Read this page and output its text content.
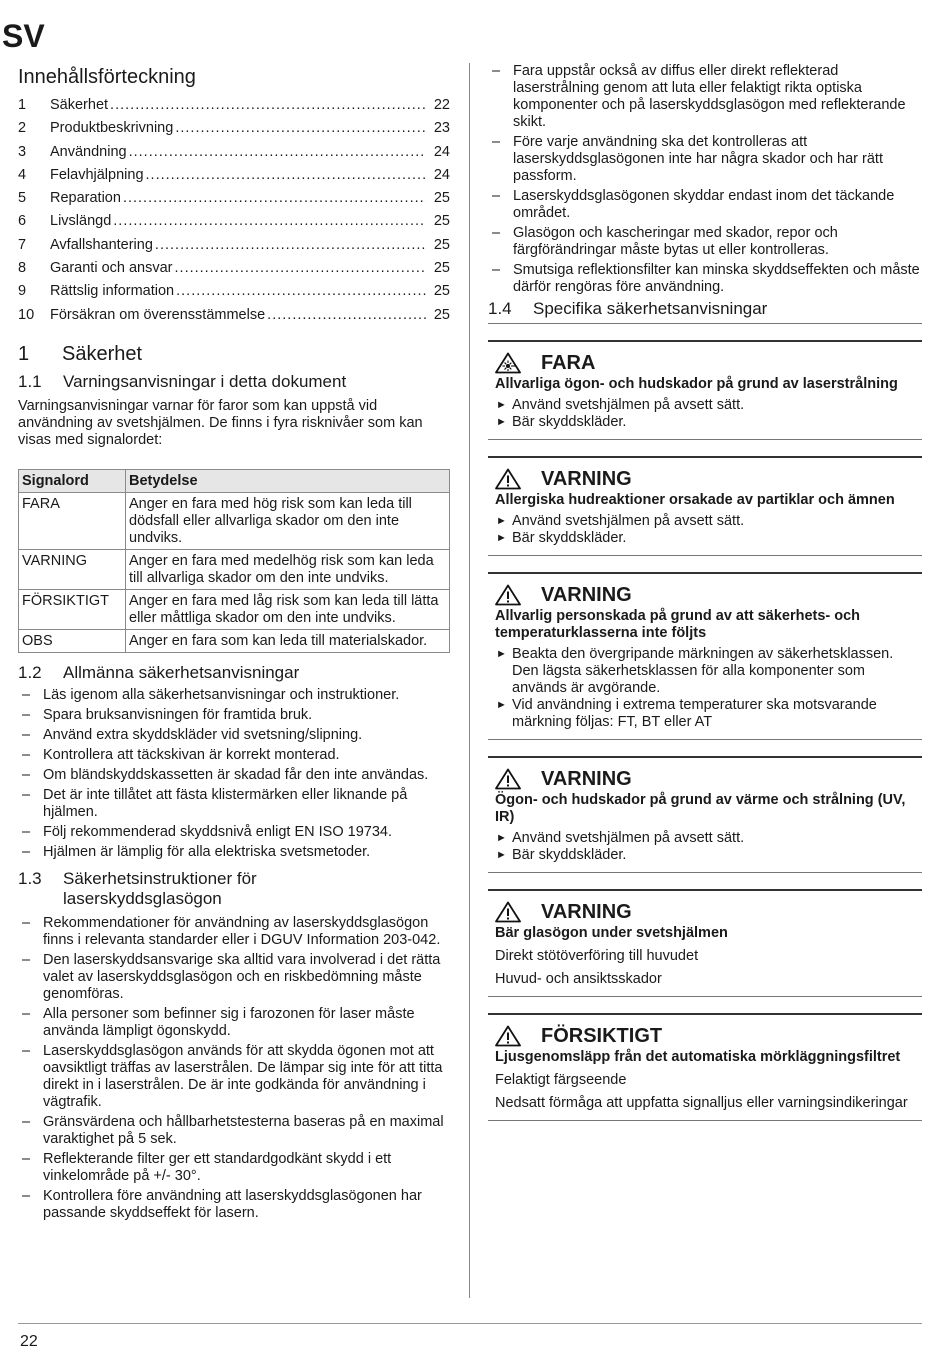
SV
Innehållsförteckning
1	Säkerhet .....	22
2	Produktbeskrivning .....	23
3	Användning .....	24
4	Felavhjälpning .....	24
5	Reparation .....	25
6	Livslängd .....	25
7	Avfallshantering .....	25
8	Garanti och ansvar .....	25
9	Rättslig information .....	25
10	Försäkran om överensstämmelse .....	25
1	Säkerhet
1.1	Varningsanvisningar i detta dokument
Varningsanvisningar varnar för faror som kan uppstå vid användning av svetshjälmen. De finns i fyra risknivåer som kan visas med signalordet:
Signalord	Betydelse
FARA	Anger en fara med hög risk som kan leda till dödsfall eller allvarliga skador om den inte undviks.
VARNING	Anger en fara med medelhög risk som kan leda till allvarliga skador om den inte undviks.
FÖRSIKTIGT	Anger en fara med låg risk som kan leda till lätta eller måttliga skador om den inte undviks.
OBS	Anger en fara som kan leda till materialskador.
1.2	Allmänna säkerhetsanvisningar
– Läs igenom alla säkerhetsanvisningar och instruktioner.
– Spara bruksanvisningen för framtida bruk.
– Använd extra skyddskläder vid svetsning/slipning.
– Kontrollera att täckskivan är korrekt monterad.
– Om bländskyddskassetten är skadad får den inte användas.
– Det är inte tillåtet att fästa klistermärken eller liknande på hjälmen.
– Följ rekommenderad skyddsnivå enligt EN ISO 19734.
– Hjälmen är lämplig för alla elektriska svetsmetoder.
1.3	Säkerhetsinstruktioner för laserskyddsglasögon
– Rekommendationer för användning av laserskyddsglasögon finns i relevanta standarder eller i DGUV Information 203-042.
– Den laserskyddsansvarige ska alltid vara involverad i det rätta valet av laserskyddsglasögon och en riskbedömning måste genomföras.
– Alla personer som befinner sig i farozonen för laser måste använda lämpligt ögonskydd.
– Laserskyddsglasögon används för att skydda ögonen mot att oavsiktligt träffas av laserstrålen. De lämpar sig inte för att titta direkt in i laserstrålen. De är inte godkända för användning i vägtrafik.
– Gränsvärdena och hållbarhetstesterna baseras på en maximal varaktighet på 5 sek.
– Reflekterande filter ger ett standardgodkänt skydd i ett vinkelområde på +/- 30°.
– Kontrollera före användning att laserskyddsglasögonen har passande skyddseffekt för lasern.
– Fara uppstår också av diffus eller direkt reflekterad laserstrålning genom att luta eller felaktigt rikta optiska komponenter och på laserskyddsglasögon med reflekterande skikt.
– Före varje användning ska det kontrolleras att laserskyddsglasögonen inte har några skador och har rätt passform.
– Laserskyddsglasögonen skyddar endast inom det täckande området.
– Glasögon och kascheringar med skador, repor och färgförändringar måste bytas ut eller kontrolleras.
– Smutsiga reflektionsfilter kan minska skyddseffekten och måste därför rengöras före användning.
1.4	Specifika säkerhetsanvisningar
FARA
Allvarliga ögon- och hudskador på grund av laserstrålning
► Använd svetshjälmen på avsett sätt.
► Bär skyddskläder.
VARNING
Allergiska hudreaktioner orsakade av partiklar och ämnen
► Använd svetshjälmen på avsett sätt.
► Bär skyddskläder.
VARNING
Allvarlig personskada på grund av att säkerhets- och temperaturklasserna inte följts
► Beakta den övergripande märkningen av säkerhetsklassen. Den lägsta säkerhetsklassen för alla komponenter som används är avgörande.
► Vid användning i extrema temperaturer ska motsvarande märkning följas: FT, BT eller AT
VARNING
Ögon- och hudskador på grund av värme och strålning (UV, IR)
► Använd svetshjälmen på avsett sätt.
► Bär skyddskläder.
VARNING
Bär glasögon under svetshjälmen
Direkt stötöverföring till huvudet
Huvud- och ansiktsskador
FÖRSIKTIGT
Ljusgenomsläpp från det automatiska mörkläggningsfiltret
Felaktigt färgseende
Nedsatt förmåga att uppfatta signalljus eller varningsindikeringar
22
